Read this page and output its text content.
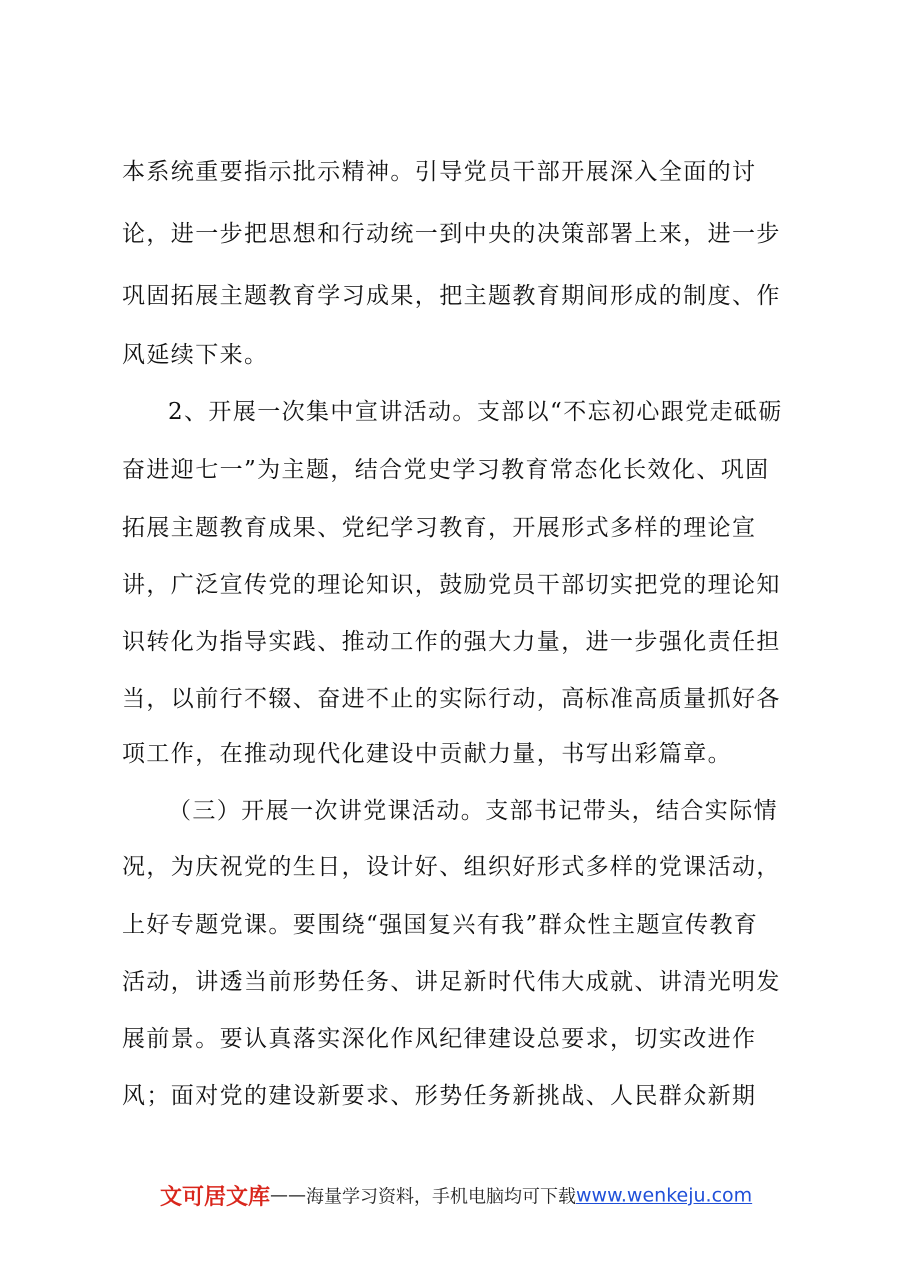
本系统重要指示批示精神。引导党员干部开展深入全面的讨
论，进一步把思想和行动统一到中央的决策部署上来，进一步
巩固拓展主题教育学习成果，把主题教育期间形成的制度、作
风延续下来。
2、开展一次集中宣讲活动。支部以“不忘初心跟党走砥砺
奋进迎七一”为主题，结合党史学习教育常态化长效化、巩固
拓展主题教育成果、党纪学习教育，开展形式多样的理论宣
讲，广泛宣传党的理论知识，鼓励党员干部切实把党的理论知
识转化为指导实践、推动工作的强大力量，进一步强化责任担
当，以前行不辍、奋进不止的实际行动，高标准高质量抓好各
项工作，在推动现代化建设中贡献力量，书写出彩篇章。
（三）开展一次讲党课活动。支部书记带头，结合实际情
况，为庆祝党的生日，设计好、组织好形式多样的党课活动，
上好专题党课。要围绕“强国复兴有我”群众性主题宣传教育
活动，讲透当前形势任务、讲足新时代伟大成就、讲清光明发
展前景。要认真落实深化作风纪律建设总要求，切实改进作
风；面对党的建设新要求、形势任务新挑战、人民群众新期
文可居文库——海量学习资料，手机电脑均可下载www.wenkeju.com
